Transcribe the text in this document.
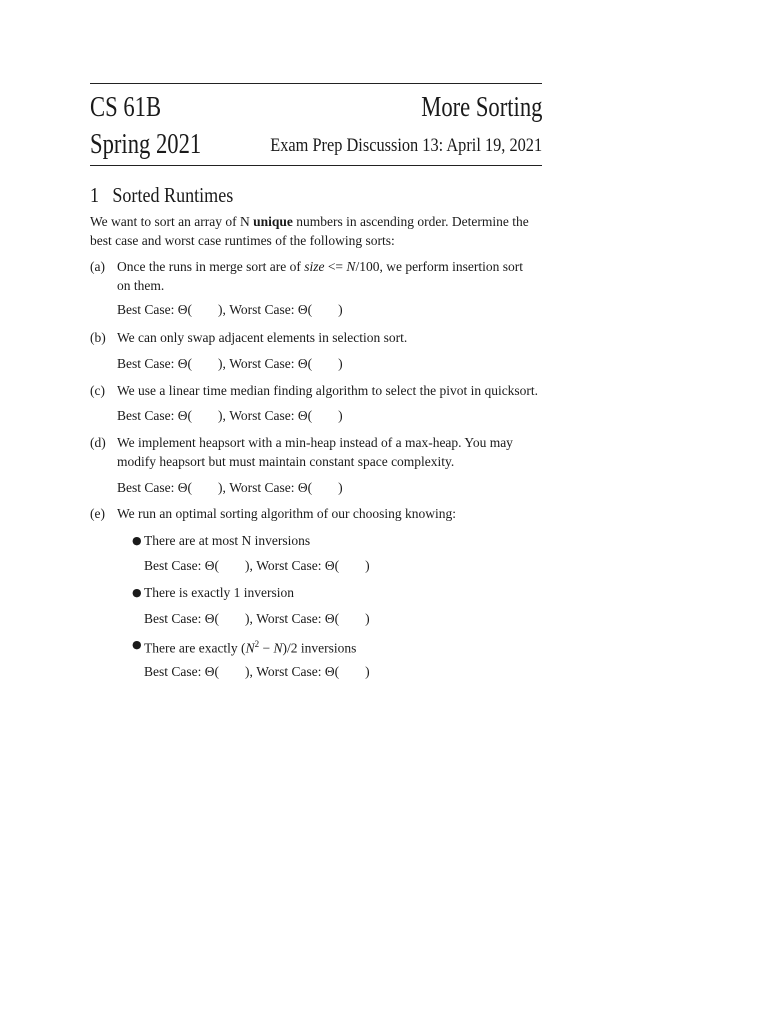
CS 61B	More Sorting
Spring 2021	Exam Prep Discussion 13: April 19, 2021
1 Sorted Runtimes
We want to sort an array of N unique numbers in ascending order. Determine the
best case and worst case runtimes of the following sorts:
(a) Once the runs in merge sort are of size <= N/100, we perform insertion sort
on them.
Best Case: Θ( ), Worst Case: Θ( )
(b) We can only swap adjacent elements in selection sort.
Best Case: Θ( ), Worst Case: Θ( )
(c) We use a linear time median finding algorithm to select the pivot in quicksort.
Best Case: Θ( ), Worst Case: Θ( )
(d) We implement heapsort with a min-heap instead of a max-heap. You may
modify heapsort but must maintain constant space complexity.
Best Case: Θ( ), Worst Case: Θ( )
(e) We run an optimal sorting algorithm of our choosing knowing:
● There are at most N inversions
Best Case: Θ( ), Worst Case: Θ( )
● There is exactly 1 inversion
Best Case: Θ( ), Worst Case: Θ( )
● There are exactly $(N^2 - N)/2$ inversions
Best Case: Θ( ), Worst Case: Θ( )
